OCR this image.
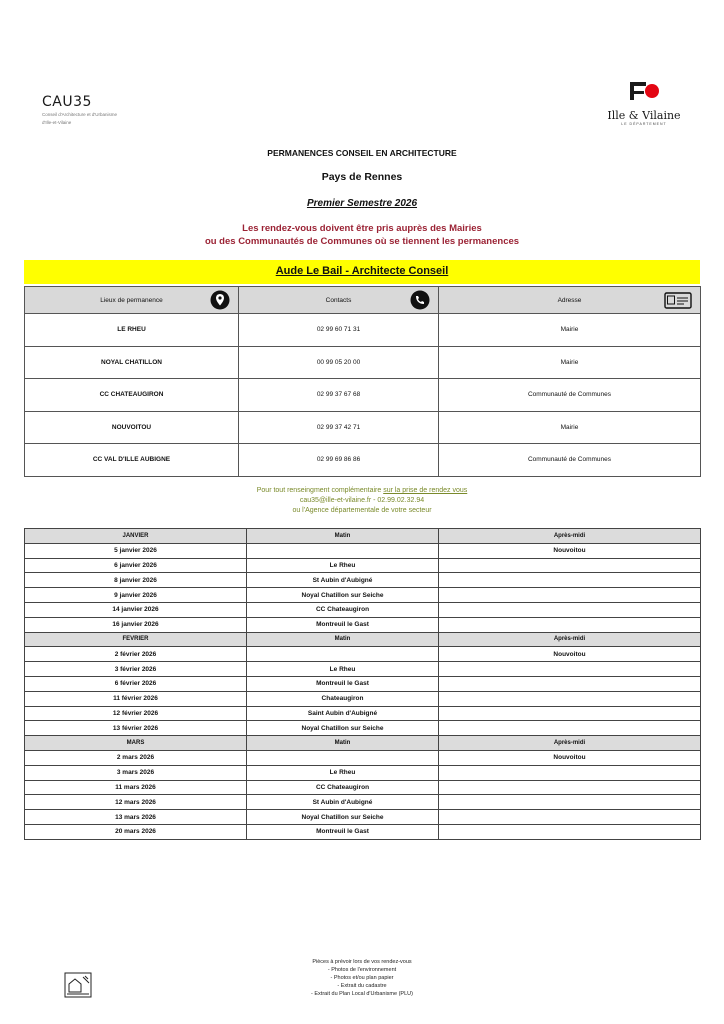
CAU35
Conseil d'Architecture et d'Urbanisme
d'Ille-et-Vilaine
Ille & Vilaine
LE DÉPARTEMENT
PERMANENCES CONSEIL EN ARCHITECTURE
Pays de Rennes
Premier Semestre 2026
Les rendez-vous doivent être pris auprès des Mairies
ou des Communautés de Communes où se tiennent les permanences
Aude Le Bail - Architecte Conseil
Lieux de permanence	Contacts	Adresse

LE RHEU	02 99 60 71 31	Mairie
NOYAL CHATILLON	00 99 05 20 00	Mairie
CC CHATEAUGIRON	02 99 37 67 68	Communauté de Communes
NOUVOITOU	02 99 37 42 71	Mairie
CC VAL D'ILLE AUBIGNE	02 99 69 86 86	Communauté de Communes
Pour tout renseingment complémentaire sur la prise de rendez vous
cau35@ille-et-vilaine.fr - 02.99.02.32.94
ou l'Agence départementale de votre secteur
JANVIER	Matin	Après-midi
5 janvier 2026		Nouvoitou
6 janvier 2026	Le Rheu	
8 janvier 2026	St Aubin d'Aubigné	
9 janvier 2026	Noyal Chatillon sur Seiche	
14 janvier 2026	CC Chateaugiron	
16 janvier 2026	Montreuil le Gast	
FEVRIER	Matin	Après-midi
2 février 2026		Nouvoitou
3 février 2026	Le Rheu	
6 février 2026	Montreuil le Gast	
11 février 2026	Chateaugiron	
12 février 2026	Saint Aubin d'Aubigné	
13 février 2026	Noyal Chatillon sur Seiche	
MARS	Matin	Après-midi
2 mars 2026		Nouvoitou
3 mars 2026	Le Rheu	
11 mars 2026	CC Chateaugiron	
12 mars 2026	St Aubin d'Aubigné	
13 mars 2026	Noyal Chatillon sur Seiche	
20 mars 2026	Montreuil le Gast	
Pièces à prévoir lors de vos rendez-vous
- Photos de l'environnement
- Photos et/ou plan papier
- Extrait du cadastre
- Extrait du Plan Local d'Urbanisme (PLU)
